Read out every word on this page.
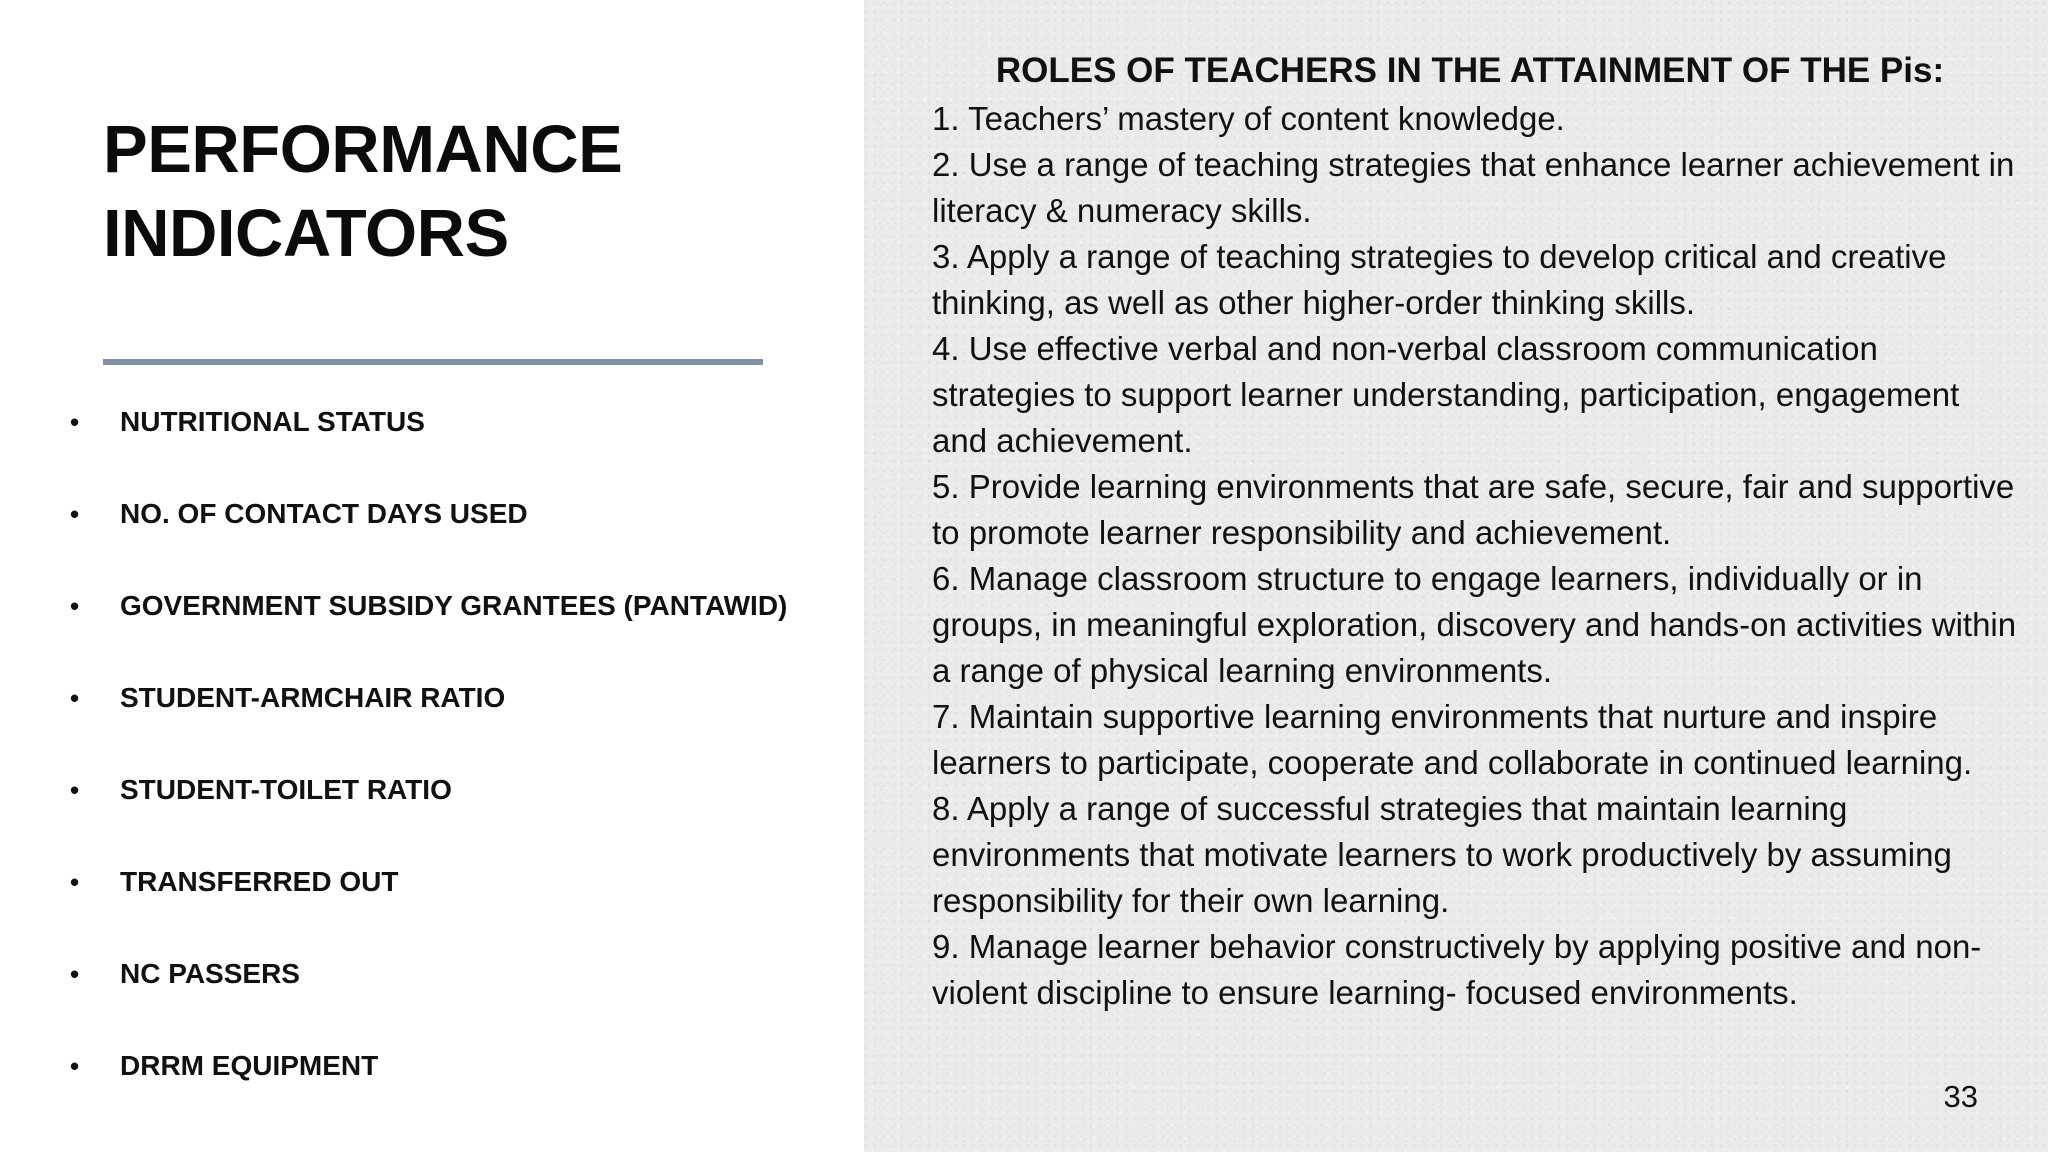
PERFORMANCE
INDICATORS
• NUTRITIONAL STATUS
• NO. OF CONTACT DAYS USED
• GOVERNMENT SUBSIDY GRANTEES (PANTAWID)
• STUDENT-ARMCHAIR RATIO
• STUDENT-TOILET RATIO
• TRANSFERRED OUT
• NC PASSERS
• DRRM EQUIPMENT
ROLES OF TEACHERS IN THE ATTAINMENT OF THE Pis:

1. Teachers’ mastery of content knowledge.

2. Use a range of teaching strategies that enhance learner achievement in literacy & numeracy skills.

3. Apply a range of teaching strategies to develop critical and creative thinking, as well as other higher-order thinking skills.

4. Use effective verbal and non-verbal classroom communication strategies to support learner understanding, participation, engagement and achievement.

5. Provide learning environments that are safe, secure, fair and supportive to promote learner responsibility and achievement.

6. Manage classroom structure to engage learners, individually or in groups, in meaningful exploration, discovery and hands-on activities within a range of physical learning environments.

7. Maintain supportive learning environments that nurture and inspire learners to participate, cooperate and collaborate in continued learning.

8. Apply a range of successful strategies that maintain learning environments that motivate learners to work productively by assuming responsibility for their own learning.

9. Manage learner behavior constructively by applying positive and non-violent discipline to ensure learning- focused environments.

33
